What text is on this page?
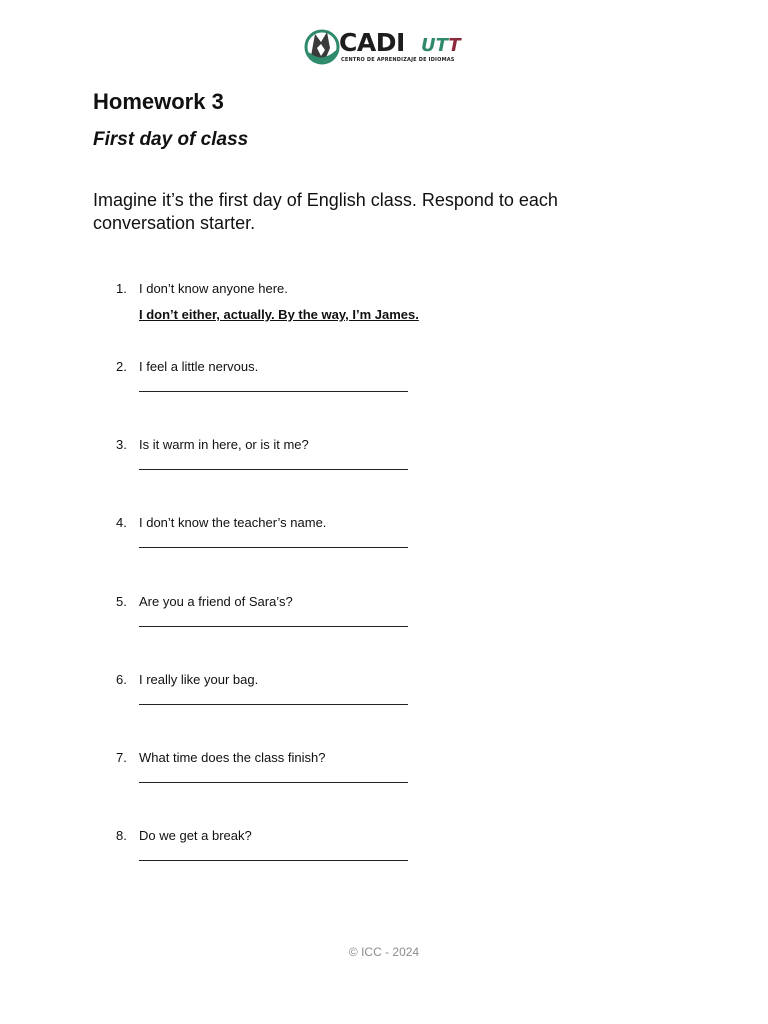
CADI UTT
CENTRO DE APRENDIZAJE DE IDIOMAS
Homework 3
First day of class

Imagine it’s the first day of English class. Respond to each conversation starter.

1. I don’t know anyone here.
I don’t either, actually. By the way, I’m James.
2. I feel a little nervous.
3. Is it warm in here, or is it me?
4. I don’t know the teacher’s name.
5. Are you a friend of Sara’s?
6. I really like your bag.
7. What time does the class finish?
8. Do we get a break?
© ICC - 2024
